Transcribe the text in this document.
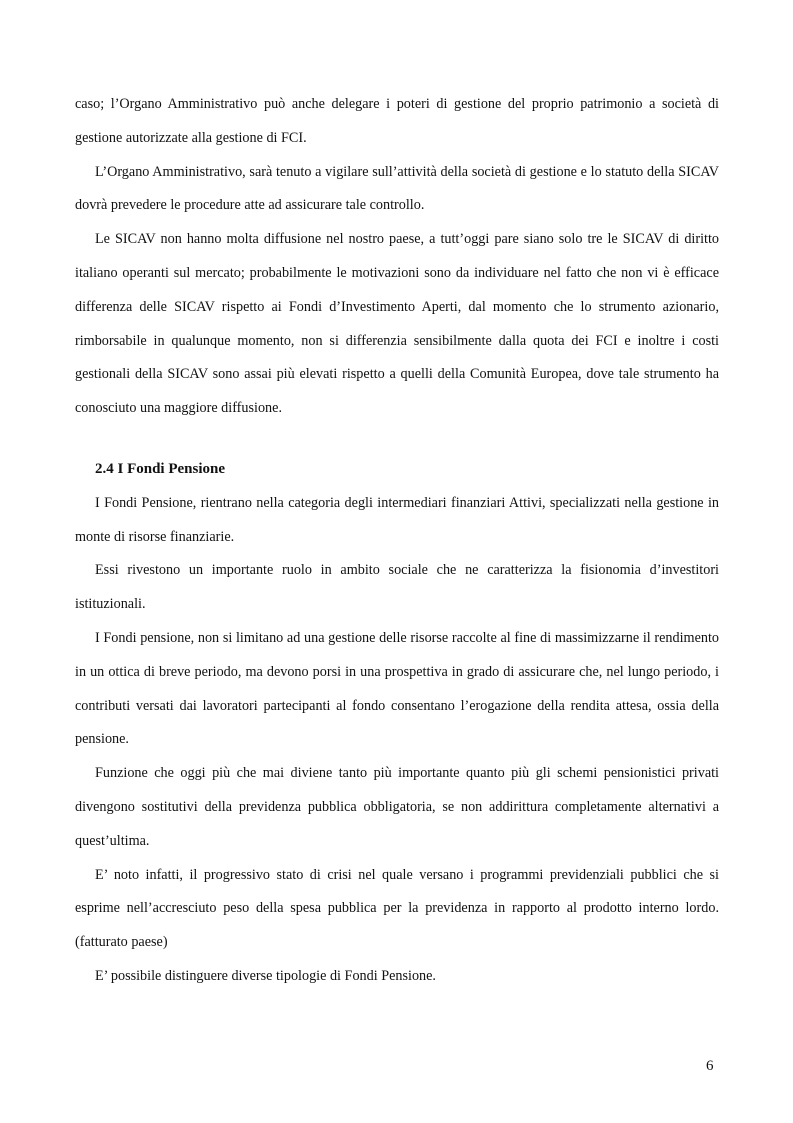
caso; l’Organo Amministrativo può anche delegare i poteri di gestione del proprio patrimonio a società di gestione autorizzate alla gestione di FCI.

L’Organo Amministrativo, sarà tenuto a vigilare sull’attività della società di gestione e lo statuto della SICAV dovrà prevedere le procedure atte ad assicurare tale controllo.

Le SICAV non hanno molta diffusione nel nostro paese, a tutt’oggi pare siano solo tre le SICAV di diritto italiano operanti sul mercato; probabilmente le motivazioni sono da individuare nel fatto che non vi è efficace differenza delle SICAV rispetto ai Fondi d’Investimento Aperti, dal momento che lo strumento azionario, rimborsabile in qualunque momento, non si differenzia sensibilmente dalla quota dei FCI e inoltre i costi gestionali della SICAV sono assai più elevati rispetto a quelli della Comunità Europea, dove tale strumento ha conosciuto una maggiore diffusione.

2.4 I Fondi Pensione

I Fondi Pensione, rientrano nella categoria degli intermediari finanziari Attivi, specializzati nella gestione in monte di risorse finanziarie.

Essi rivestono un importante ruolo in ambito sociale che ne caratterizza la fisionomia d’investitori istituzionali.

I Fondi pensione, non si limitano ad una gestione delle risorse raccolte al fine di massimizzarne il rendimento in un ottica di breve periodo, ma devono porsi in una prospettiva in grado di assicurare che, nel lungo periodo, i contributi versati dai lavoratori partecipanti al fondo consentano l’erogazione della rendita attesa, ossia della pensione.

Funzione che oggi più che mai diviene tanto più importante quanto più gli schemi pensionistici privati divengono sostitutivi della previdenza pubblica obbligatoria, se non addirittura completamente alternativi a quest’ultima.

E’ noto infatti, il progressivo stato di crisi nel quale versano i programmi previdenziali pubblici che si esprime nell’accresciuto peso della spesa pubblica per la previdenza in rapporto al prodotto interno lordo.(fatturato paese)

E’ possibile distinguere diverse tipologie di Fondi Pensione.

6
